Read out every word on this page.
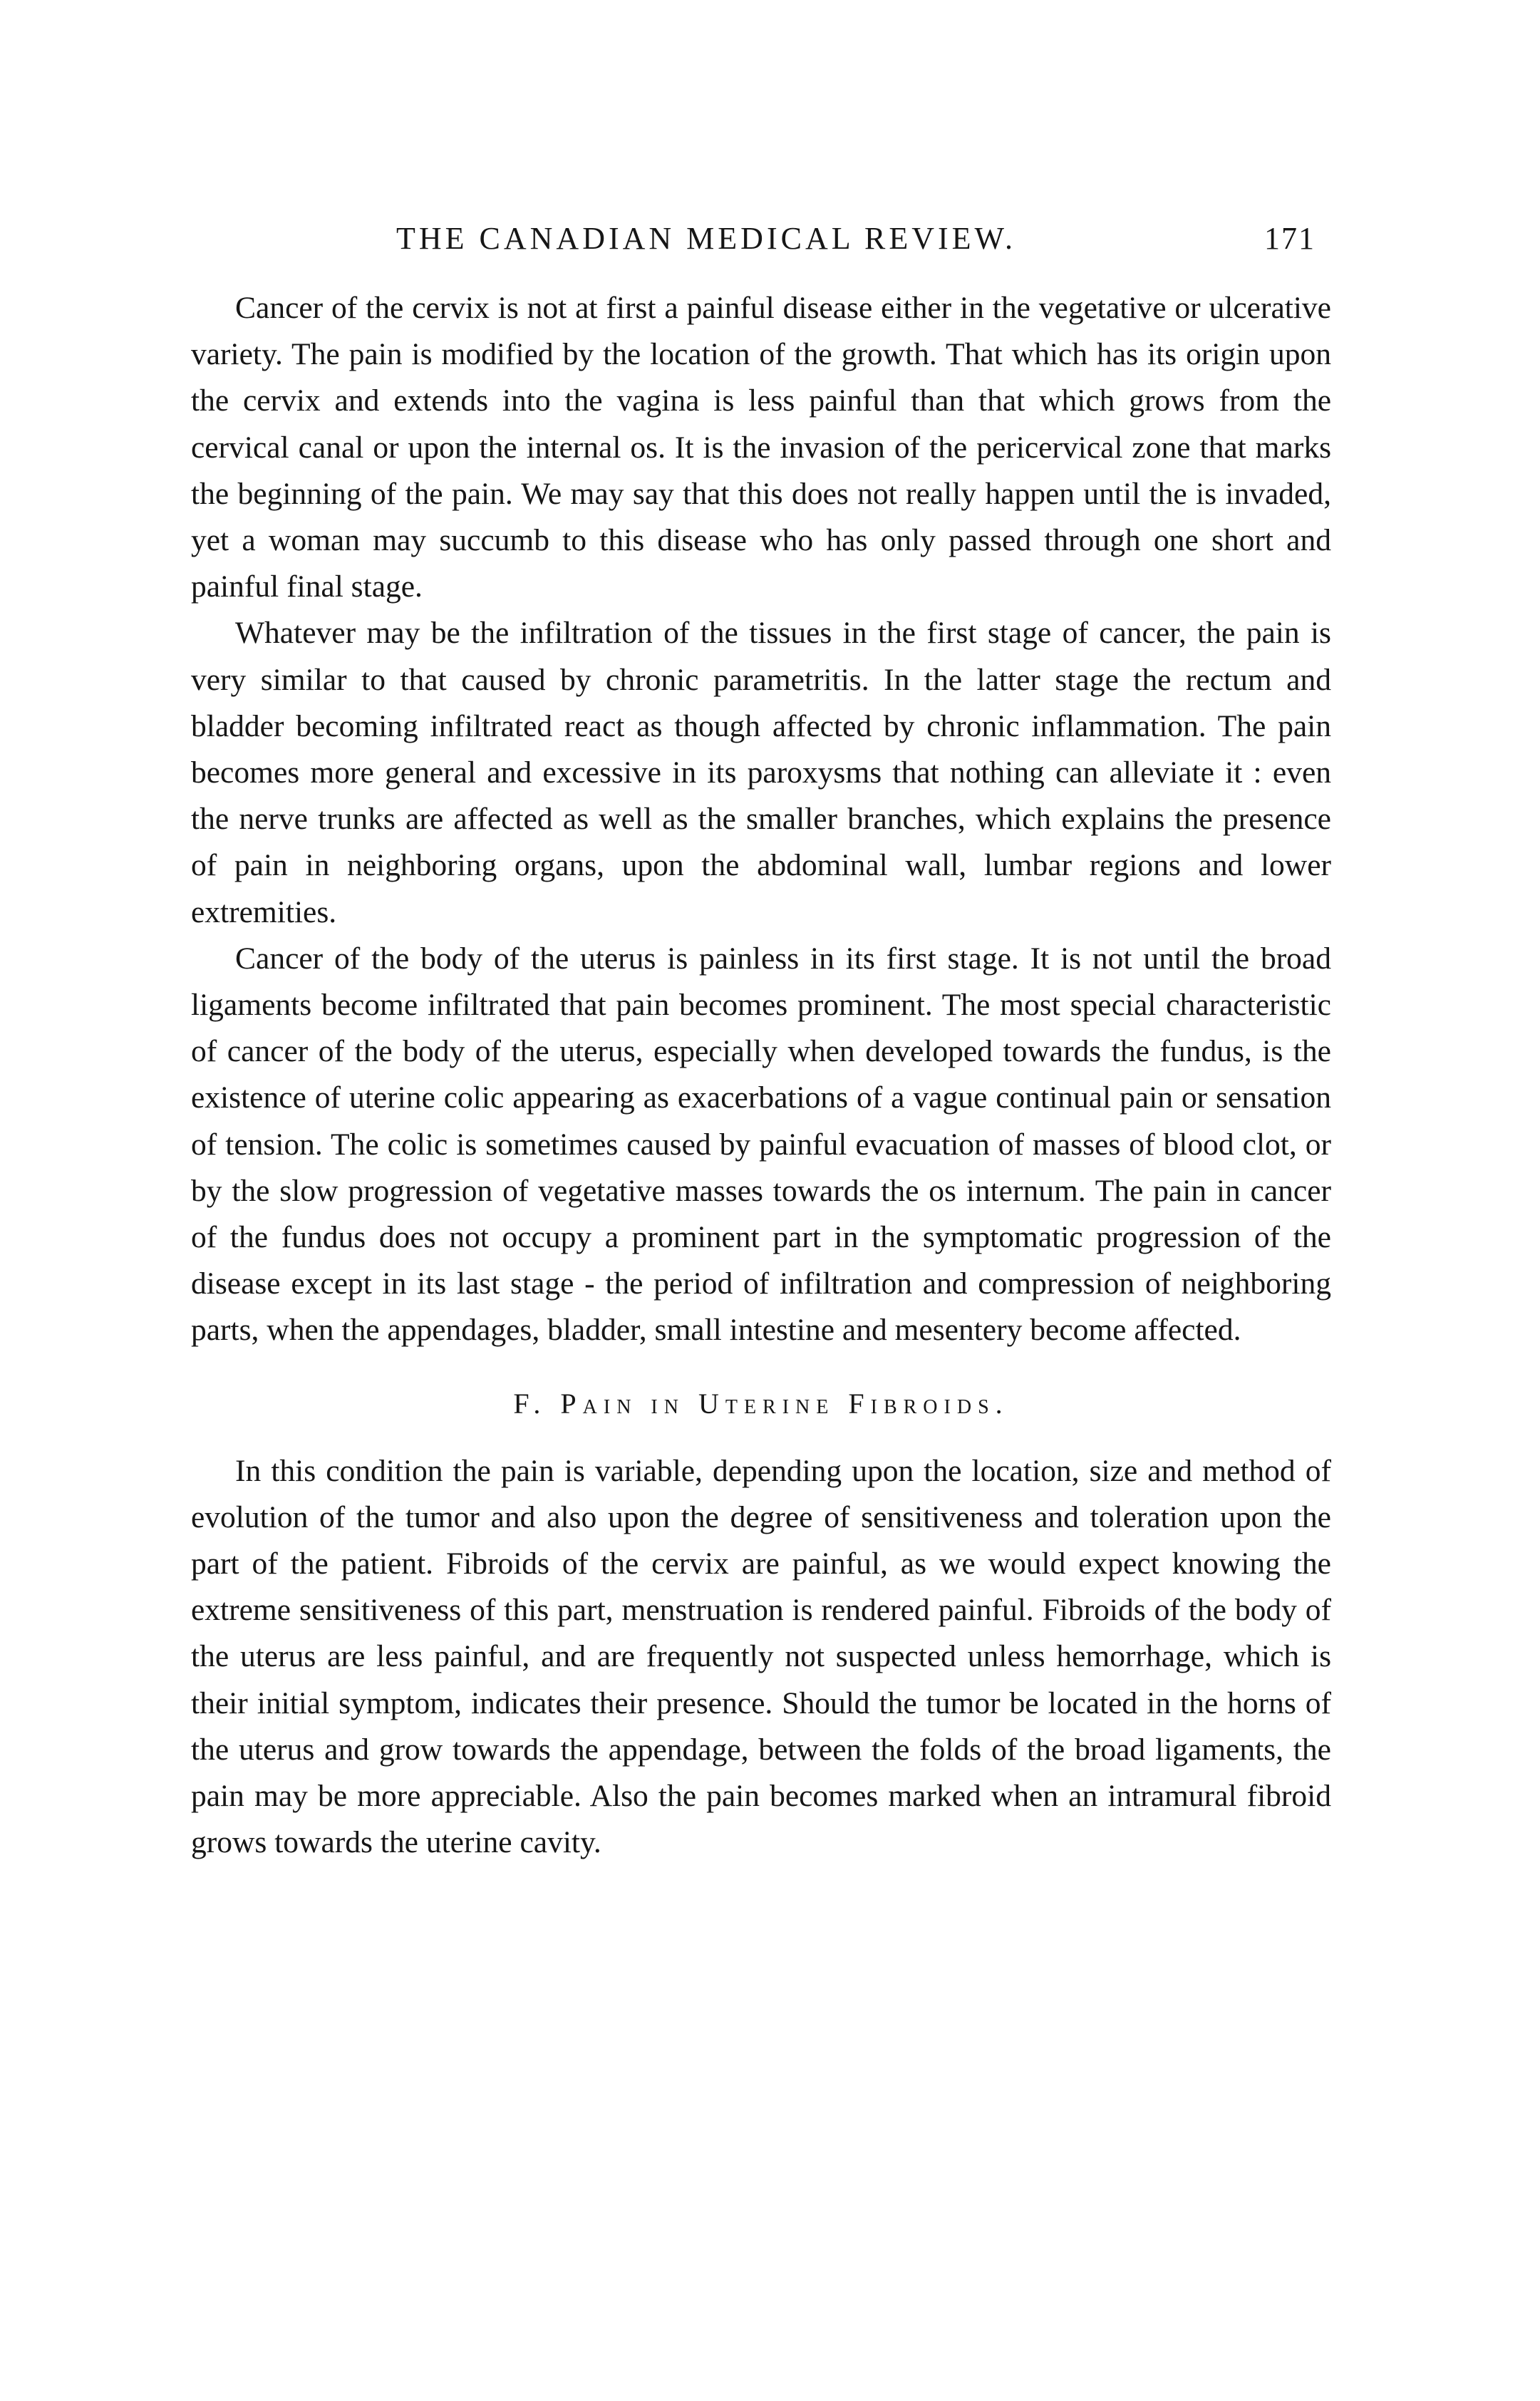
THE CANADIAN MEDICAL REVIEW.	171

Cancer of the cervix is not at first a painful disease either in the vegetative or ulcerative variety. The pain is modified by the location of the growth. That which has its origin upon the cervix and extends into the vagina is less painful than that which grows from the cervical canal or upon the internal os. It is the invasion of the pericervical zone that marks the beginning of the pain. We may say that this does not really happen until the is invaded, yet a woman may succumb to this disease who has only passed through one short and painful final stage.

Whatever may be the infiltration of the tissues in the first stage of cancer, the pain is very similar to that caused by chronic parametritis. In the latter stage the rectum and bladder becoming infiltrated react as though affected by chronic inflammation. The pain becomes more general and excessive in its paroxysms that nothing can alleviate it : even the nerve trunks are affected as well as the smaller branches, which explains the presence of pain in neighboring organs, upon the abdominal wall, lumbar regions and lower extremities.

Cancer of the body of the uterus is painless in its first stage. It is not until the broad ligaments become infiltrated that pain becomes prominent. The most special characteristic of cancer of the body of the uterus, especially when developed towards the fundus, is the existence of uterine colic appearing as exacerbations of a vague continual pain or sensation of tension. The colic is sometimes caused by painful evacuation of masses of blood clot, or by the slow progression of vegetative masses towards the os internum. The pain in cancer of the fundus does not occupy a prominent part in the symptomatic progression of the disease except in its last stage - the period of infiltration and compression of neighboring parts, when the appendages, bladder, small intestine and mesentery become affected.

F. Pain in Uterine Fibroids.

In this condition the pain is variable, depending upon the location, size and method of evolution of the tumor and also upon the degree of sensitiveness and toleration upon the part of the patient. Fibroids of the cervix are painful, as we would expect knowing the extreme sensitiveness of this part, menstruation is rendered painful. Fibroids of the body of the uterus are less painful, and are frequently not suspected unless hemorrhage, which is their initial symptom, indicates their presence. Should the tumor be located in the horns of the uterus and grow towards the appendage, between the folds of the broad ligaments, the pain may be more appreciable. Also the pain becomes marked when an intramural fibroid grows towards the uterine cavity.
